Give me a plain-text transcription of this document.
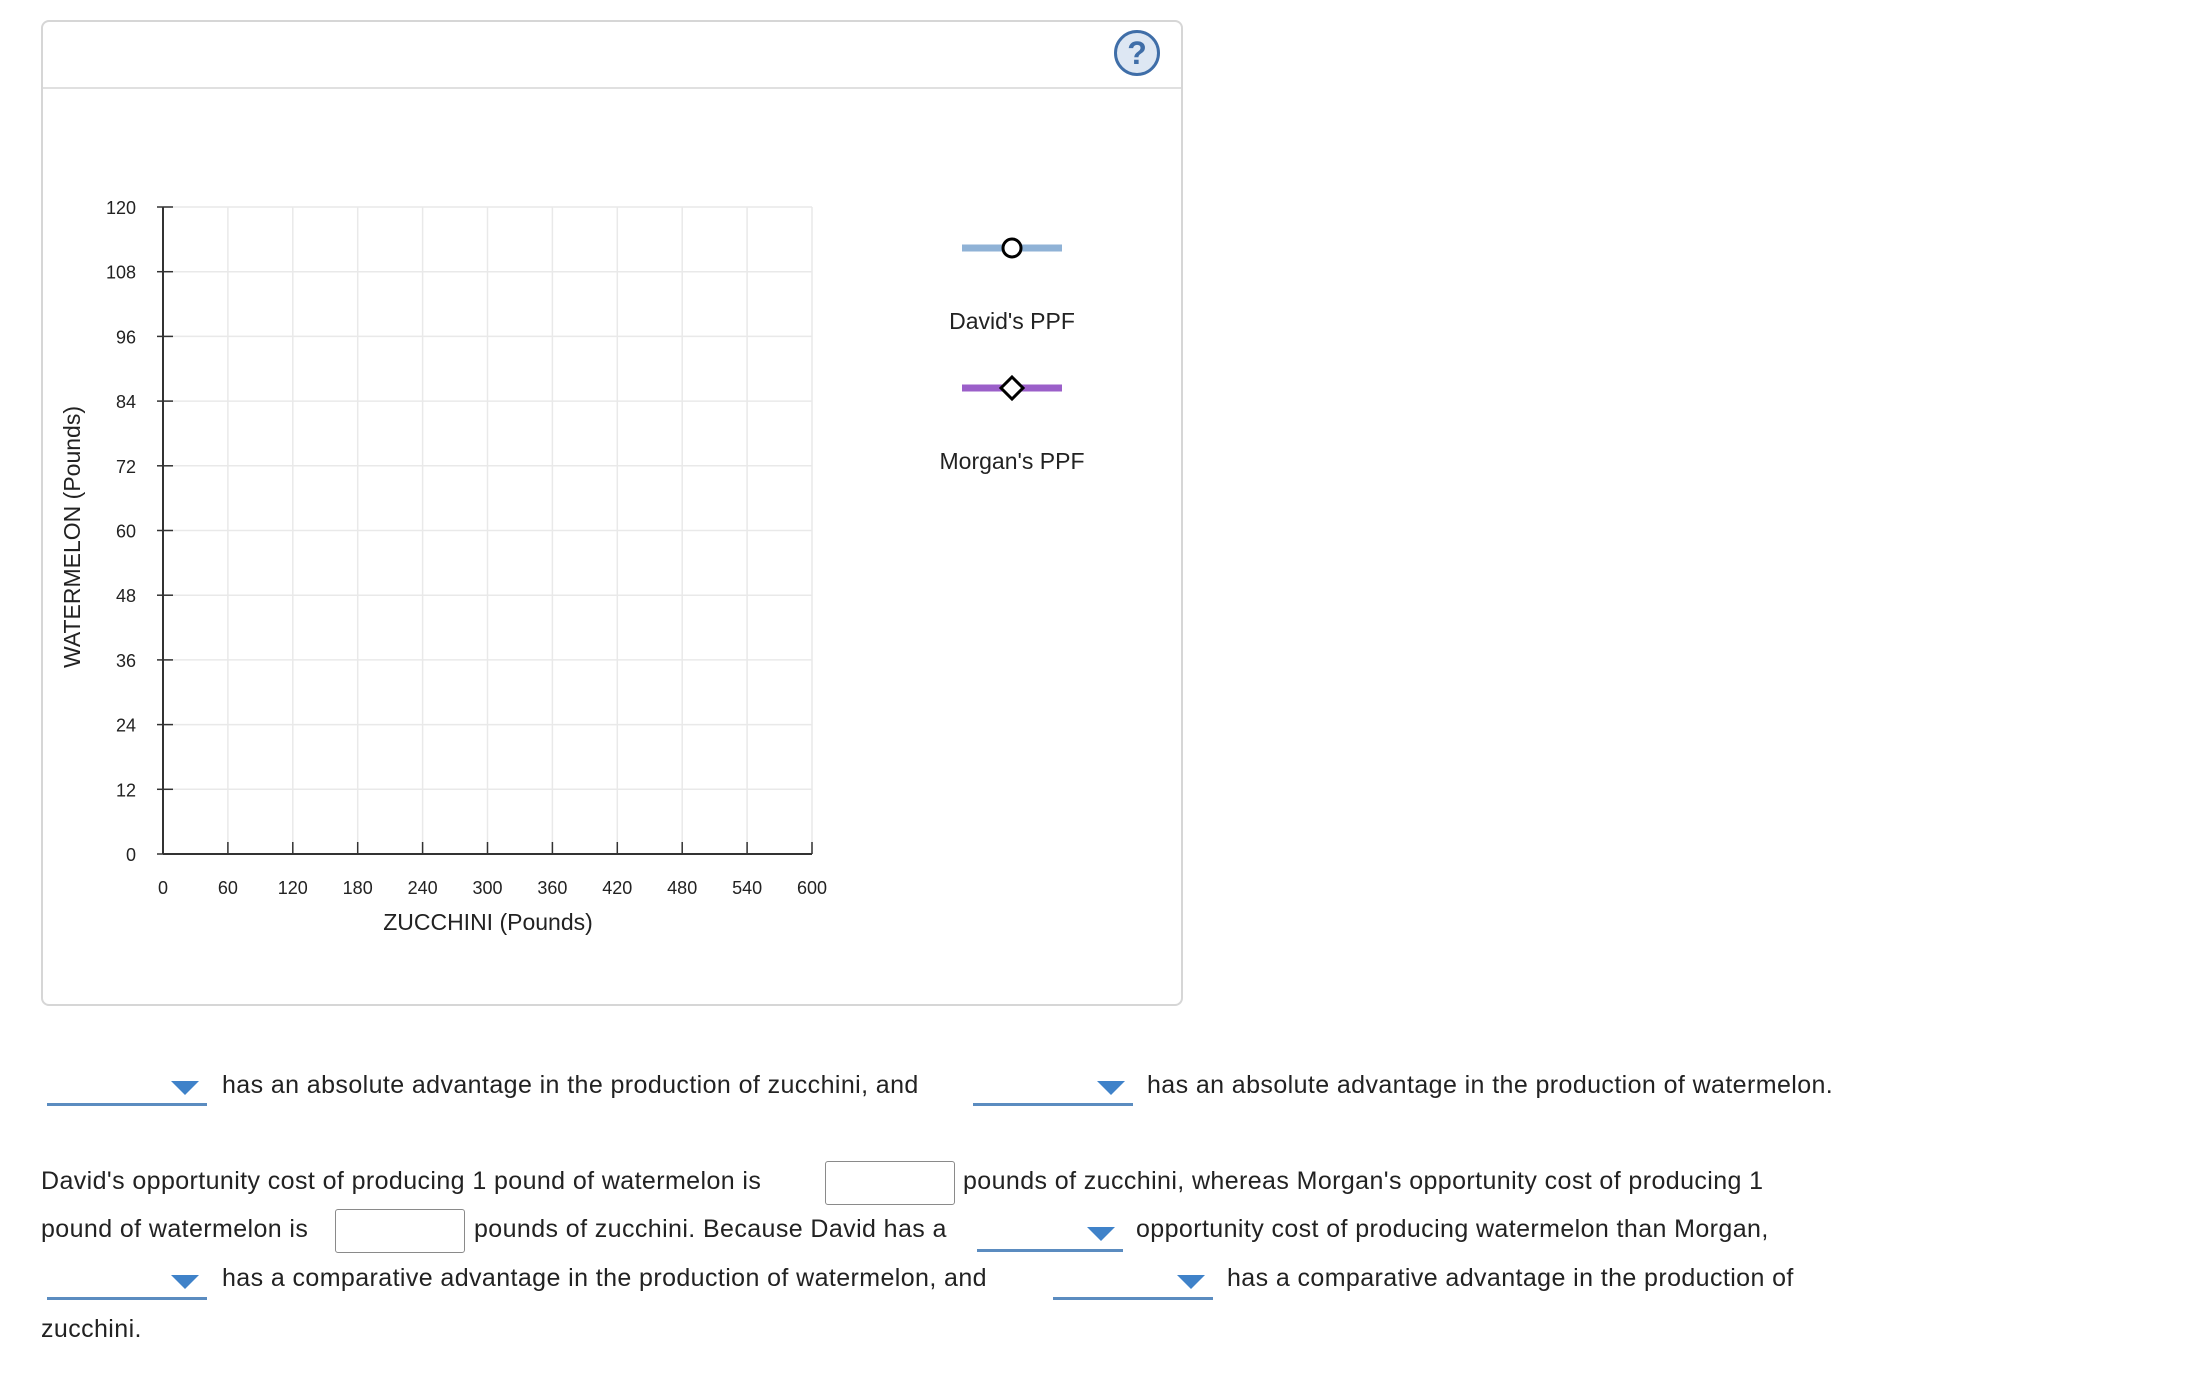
?
0
12
24
36
48
60
72
84
96
108
120
0	60 120 180 240 300 360 420 480 540 600
WATERMELON (Pounds)
ZUCCHINI (Pounds)
David's PPF
Morgan's PPF
has an absolute advantage in the production of zucchini, and	has an absolute advantage in the production of watermelon.
David's opportunity cost of producing 1 pound of watermelon is	pounds of zucchini, whereas Morgan's opportunity cost of producing 1
pound of watermelon is	pounds of zucchini. Because David has a	opportunity cost of producing watermelon than Morgan,
has a comparative advantage in the production of watermelon, and	has a comparative advantage in the production of
zucchini.
